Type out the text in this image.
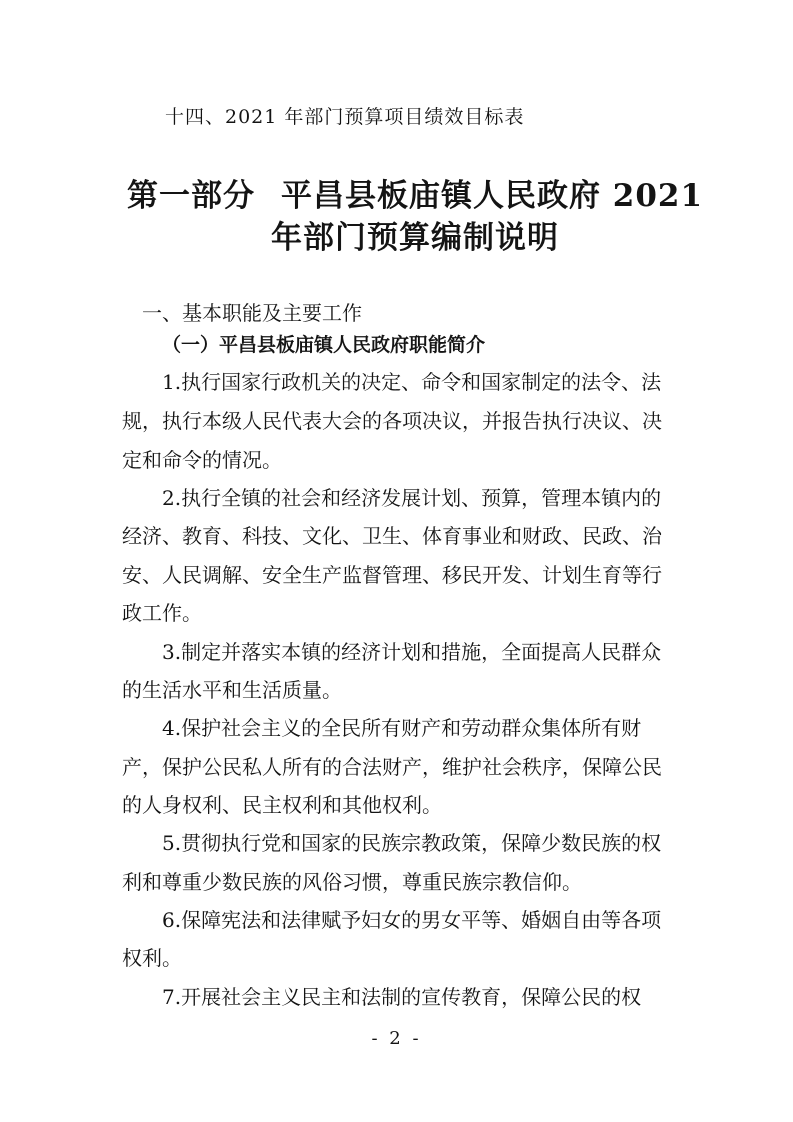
十四、2021 年部门预算项目绩效目标表
第一部分 平昌县板庙镇人民政府 2021
年部门预算编制说明
一、基本职能及主要工作
（一）平昌县板庙镇人民政府职能简介
1.执行国家行政机关的决定、命令和国家制定的法令、法
规，执行本级人民代表大会的各项决议，并报告执行决议、决
定和命令的情况。
2.执行全镇的社会和经济发展计划、预算，管理本镇内的
经济、教育、科技、文化、卫生、体育事业和财政、民政、治
安、人民调解、安全生产监督管理、移民开发、计划生育等行
政工作。
3.制定并落实本镇的经济计划和措施，全面提高人民群众
的生活水平和生活质量。
4.保护社会主义的全民所有财产和劳动群众集体所有财
产，保护公民私人所有的合法财产，维护社会秩序，保障公民
的人身权利、民主权利和其他权利。
5.贯彻执行党和国家的民族宗教政策，保障少数民族的权
利和尊重少数民族的风俗习惯，尊重民族宗教信仰。
6.保障宪法和法律赋予妇女的男女平等、婚姻自由等各项
权利。
7.开展社会主义民主和法制的宣传教育，保障公民的权
- 2 -
